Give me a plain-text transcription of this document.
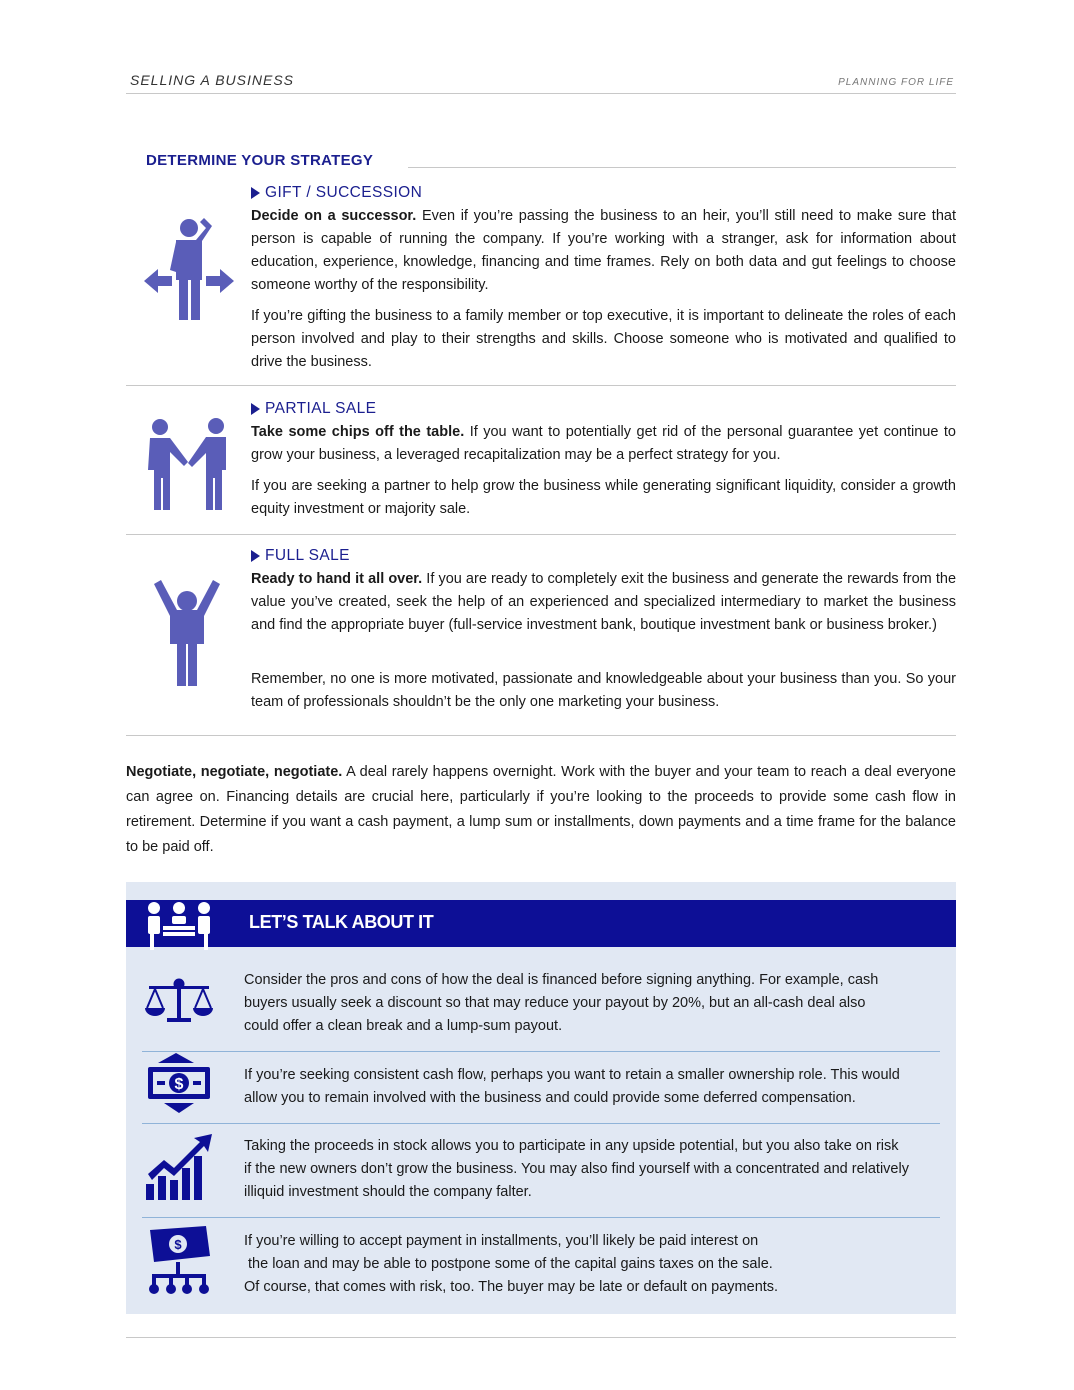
SELLING A BUSINESS	PLANNING FOR LIFE
DETERMINE YOUR STRATEGY
GIFT / SUCCESSION

Decide on a successor. Even if you’re passing the business to an heir, you’ll still need to make sure that person is capable of running the company. If you’re working with a stranger, ask for information about education, experience, knowledge, financing and time frames. Rely on both data and gut feelings to choose someone worthy of the responsibility.

If you’re gifting the business to a family member or top executive, it is important to delineate the roles of each person involved and play to their strengths and skills. Choose someone who is motivated and qualified to drive the business.

PARTIAL SALE

Take some chips off the table. If you want to potentially get rid of the personal guarantee yet continue to grow your business, a leveraged recapitalization may be a perfect strategy for you.

If you are seeking a partner to help grow the business while generating significant liquidity, consider a growth equity investment or majority sale.

FULL SALE

Ready to hand it all over. If you are ready to completely exit the business and generate the rewards from the value you’ve created, seek the help of an experienced and specialized intermediary to market the business and find the appropriate buyer (full-service investment bank, boutique investment bank or business broker.)

Remember, no one is more motivated, passionate and knowledgeable about your business than you. So your team of professionals shouldn’t be the only one marketing your business.

Negotiate, negotiate, negotiate. A deal rarely happens overnight. Work with the buyer and your team to reach a deal everyone can agree on. Financing details are crucial here, particularly if you’re looking to the proceeds to provide some cash flow in retirement. Determine if you want a cash payment, a lump sum or installments, down payments and a time frame for the balance to be paid off.

LET’S TALK ABOUT IT
Consider the pros and cons of how the deal is financed before signing anything. For example, cash
buyers usually seek a discount so that may reduce your payout by 20%, but an all-cash deal also
could offer a clean break and a lump-sum payout.
$
If you’re seeking consistent cash flow, perhaps you want to retain a smaller ownership role. This would
allow you to remain involved with the business and could provide some deferred compensation.
Taking the proceeds in stock allows you to participate in any upside potential, but you also take on risk
if the new owners don’t grow the business. You may also find yourself with a concentrated and relatively
illiquid investment should the company falter.
$	If you’re willing to accept payment in installments, you’ll likely be paid interest on
the loan and may be able to postpone some of the capital gains taxes on the sale.
Of course, that comes with risk, too. The buyer may be late or default on payments.
